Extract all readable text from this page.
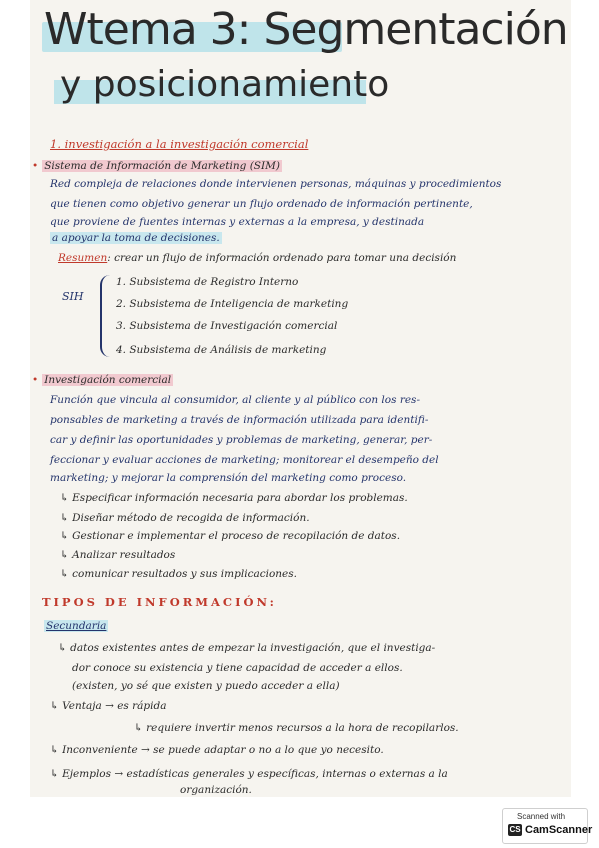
Wtema 3: Segmentación
y posicionamiento
1. investigación a la investigación comercial
• Sistema de Información de Marketing (SIM)
Red compleja de relaciones donde intervienen personas, máquinas y procedimientos
que tienen como objetivo generar un flujo ordenado de información pertinente,
que proviene de fuentes internas y externas a la empresa, y destinada
a apoyar la toma de decisiones.
Resumen: crear un flujo de información ordenado para tomar una decisión
SIH
1. Subsistema de Registro Interno
2. Subsistema de Inteligencia de marketing
3. Subsistema de Investigación comercial
4. Subsistema de Análisis de marketing
• Investigación comercial
Función que vincula al consumidor, al cliente y al público con los res-
ponsables de marketing a través de información utilizada para identifi-
car y definir las oportunidades y problemas de marketing, generar, per-
feccionar y evaluar acciones de marketing; monitorear el desempeño del
marketing; y mejorar la comprensión del marketing como proceso.
↳ Especificar información necesaria para abordar los problemas.
↳ Diseñar método de recogida de información.
↳ Gestionar e implementar el proceso de recopilación de datos.
↳ Analizar resultados
↳ comunicar resultados y sus implicaciones.
TIPOS DE INFORMACIÓN:
Secundaria
↳ datos existentes antes de empezar la investigación, que el investiga-
dor conoce su existencia y tiene capacidad de acceder a ellos.
(existen, yo sé que existen y puedo acceder a ella)
↳ Ventaja → es rápida
↳ requiere invertir menos recursos a la hora de recopilarlos.
↳ Inconveniente → se puede adaptar o no a lo que yo necesito.
↳ Ejemplos → estadísticas generales y específicas, internas o externas a la
organización.
Scanned with
CS CamScanner
